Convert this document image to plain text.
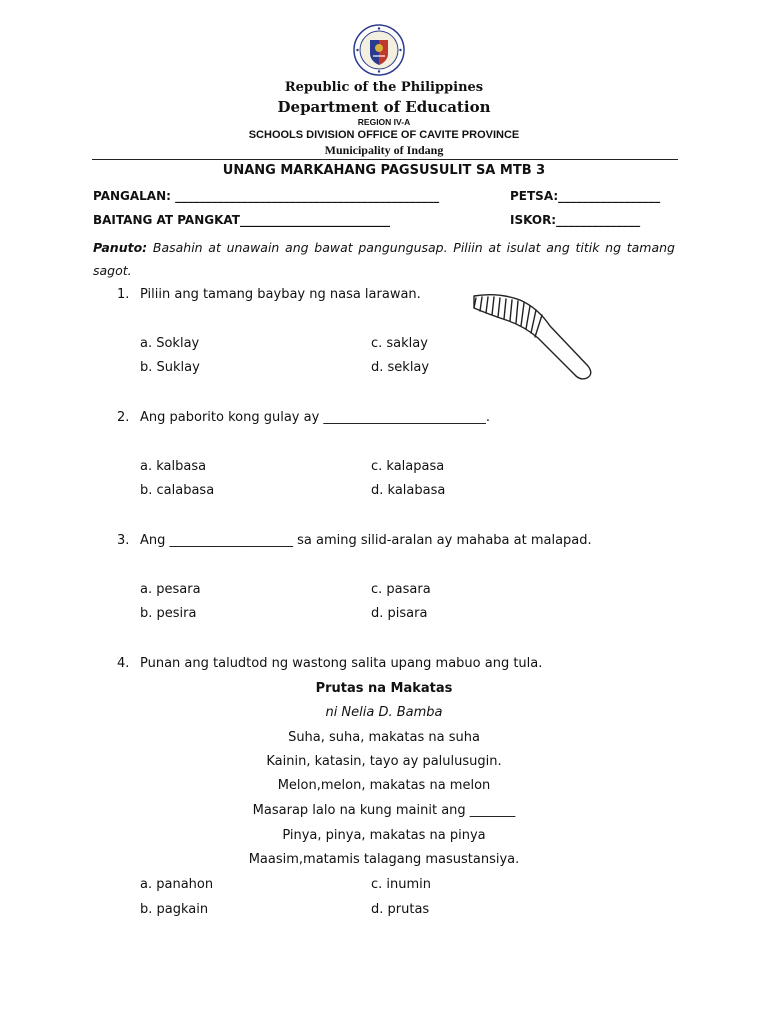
Republic of the Philippines
Department of Education
REGION IV-A
SCHOOLS DIVISION OFFICE OF CAVITE PROVINCE
Municipality of Indang
UNANG MARKAHANG PAGSUSULIT SA MTB 3
PANGALAN: ____________________________________________	PETSA:_________________
BAITANG AT PANGKAT_________________________	ISKOR:______________
Panuto: Basahin at unawain ang bawat pangungusap. Piliin at isulat ang titik ng tamang sagot.
1. Piliin ang tamang baybay ng nasa larawan.
a. Soklay	c. saklay
b. Suklay	d. seklay
2. Ang paborito kong gulay ay _________________________.
a. kalbasa	c. kalapasa
b. calabasa	d. kalabasa
3. Ang ___________________ sa aming silid-aralan ay mahaba at malapad.
a. pesara	c. pasara
b. pesira	d. pisara
4. Punan ang taludtod ng wastong salita upang mabuo ang tula.
Prutas na Makatas
ni Nelia D. Bamba
Suha, suha, makatas na suha
Kainin, katasin, tayo ay palulusugin.
Melon,melon, makatas na melon
Masarap lalo na kung mainit ang _______
Pinya, pinya, makatas na pinya
Maasim,matamis talagang masustansiya.
a. panahon	c. inumin
b. pagkain	d. prutas
